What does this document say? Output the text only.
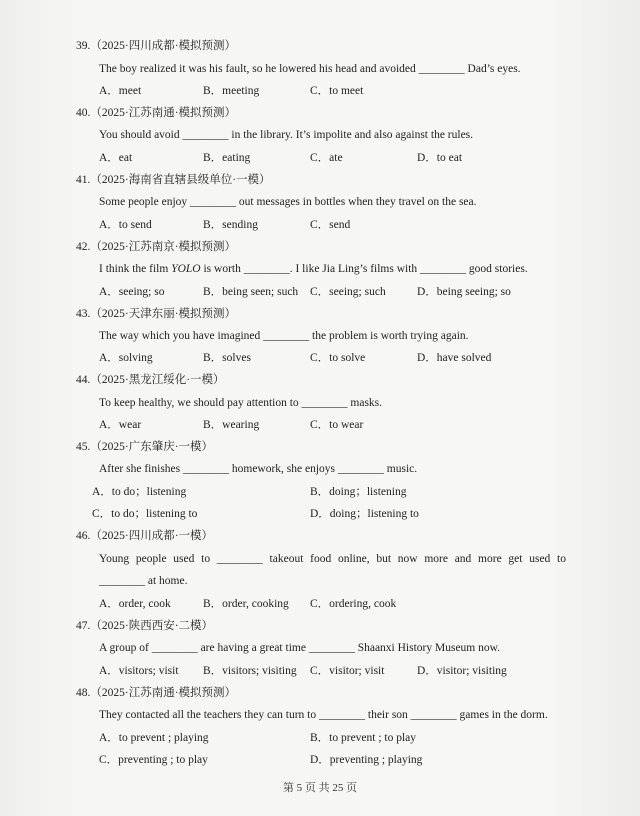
39.（2025·四川成都·模拟预测）
The boy realized it was his fault, so he lowered his head and avoided ________ Dad’s eyes.
A．meet	B．meeting	C．to meet
40.（2025·江苏南通·模拟预测）
You should avoid ________ in the library. It’s impolite and also against the rules.
A．eat	B．eating	C．ate	D．to eat
41.（2025·海南省直辖县级单位·一模）
Some people enjoy ________ out messages in bottles when they travel on the sea.
A．to send	B．sending	C．send
42.（2025·江苏南京·模拟预测）
I think the film YOLO is worth ________. I like Jia Ling’s films with ________ good stories.
A．seeing; so	B．being seen; such C．seeing; such	D．being seeing; so
43.（2025·天津东丽·模拟预测）
The way which you have imagined ________ the problem is worth trying again.
A．solving	B．solves	C．to solve	D．have solved
44.（2025·黑龙江绥化·一模）
To keep healthy, we should pay attention to ________ masks.
A．wear	B．wearing	C．to wear
45.（2025·广东肇庆·一模）
After she finishes ________ homework, she enjoys ________ music.
A．to do；listening	B．doing；listening
C．to do；listening to	D．doing；listening to
46.（2025·四川成都·一模）
Young people used to ________ takeout food online, but now more and more get used to
________ at home.
A．order, cook	B．order, cooking C．ordering, cook
47.（2025·陕西西安·二模）
A group of ________ are having a great time ________ Shaanxi History Museum now.
A．visitors; visit B．visitors; visiting C．visitor; visit	D．visitor; visiting
48.（2025·江苏南通·模拟预测）
They contacted all the teachers they can turn to ________ their son ________ games in the dorm.
A．to prevent ; playing	B．to prevent ; to play
C．preventing ; to play	D．preventing ; playing
第 5 页 共 25 页
